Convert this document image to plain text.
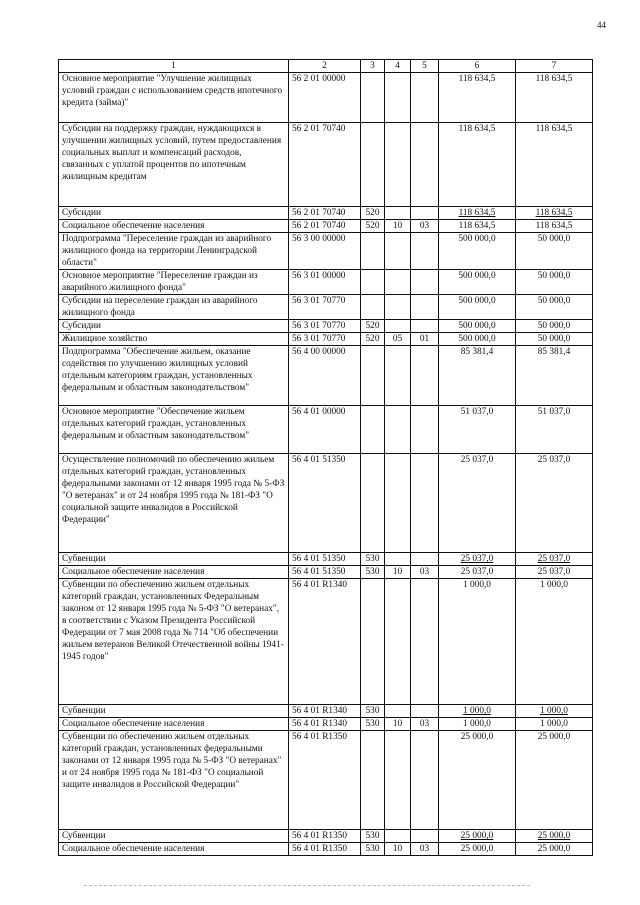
44
1	2	3	4	5	6	7
Основное мероприятие "Улучшение жилищных условий граждан с использованием средств ипотечного кредита (займа)"	56 2 01 00000				118 634,5	118 634,5
Субсидии на поддержку граждан, нуждающихся в улучшении жилищных условий, путем предоставления социальных выплат и компенсаций расходов, связанных с уплатой процентов по ипотечным жилищным кредитам	56 2 01 70740				118 634,5	118 634,5
Субсидии	56 2 01 70740	520			118 634,5	118 634,5
Социальное обеспечение населения	56 2 01 70740	520	10	03	118 634,5	118 634,5
Подпрограмма "Переселение граждан из аварийного жилищного фонда на территории Ленинградской области"	56 3 00 00000				500 000,0	50 000,0
Основное мероприятие "Переселение граждан из аварийного жилищного фонда"	56 3 01 00000				500 000,0	50 000,0
Субсидии на переселение граждан из аварийного жилищного фонда	56 3 01 70770				500 000,0	50 000,0
Субсидии	56 3 01 70770	520			500 000,0	50 000,0
Жилищное хозяйство	56 3 01 70770	520	05	01	500 000,0	50 000,0
Подпрограмма "Обеспечение жильем, оказание содействия по улучшению жилищных условий отдельным категориям граждан, установленных федеральным и областным законодательством"	56 4 00 00000				85 381,4	85 381,4
Основное мероприятие "Обеспечение жильем отдельных категорий граждан, установленных федеральным и областным законодательством"	56 4 01 00000				51 037,0	51 037,0
Осуществление полномочий по обеспечению жильем отдельных категорий граждан, установленных федеральными законами от 12 января 1995 года № 5-ФЗ "О ветеранах" и от 24 ноября 1995 года № 181-ФЗ "О социальной защите инвалидов в Российской Федерации"	56 4 01 51350				25 037,0	25 037,0
Субвенции	56 4 01 51350	530			25 037,0	25 037,0
Социальное обеспечение населения	56 4 01 51350	530	10	03	25 037,0	25 037,0
Субвенции по обеспечению жильем отдельных категорий граждан, установленных Федеральным законом от 12 января 1995 года № 5-ФЗ "О ветеранах", в соответствии с Указом Президента Российской Федерации от 7 мая 2008 года № 714 "Об обеспечении жильем ветеранов Великой Отечественной войны 1941-1945 годов"	56 4 01 R1340				1 000,0	1 000,0
Субвенции	56 4 01 R1340	530			1 000,0	1 000,0
Социальное обеспечение населения	56 4 01 R1340	530	10	03	1 000,0	1 000,0
Субвенции по обеспечению жильем отдельных категорий граждан, установленных федеральными законами от 12 января 1995 года № 5-ФЗ "О ветеранах" и от 24 ноября 1995 года № 181-ФЗ "О социальной защите инвалидов в Российской Федерации"	56 4 01 R1350				25 000,0	25 000,0
Субвенции	56 4 01 R1350	530			25 000,0	25 000,0
Социальное обеспечение населения	56 4 01 R1350	530	10	03	25 000,0	25 000,0
